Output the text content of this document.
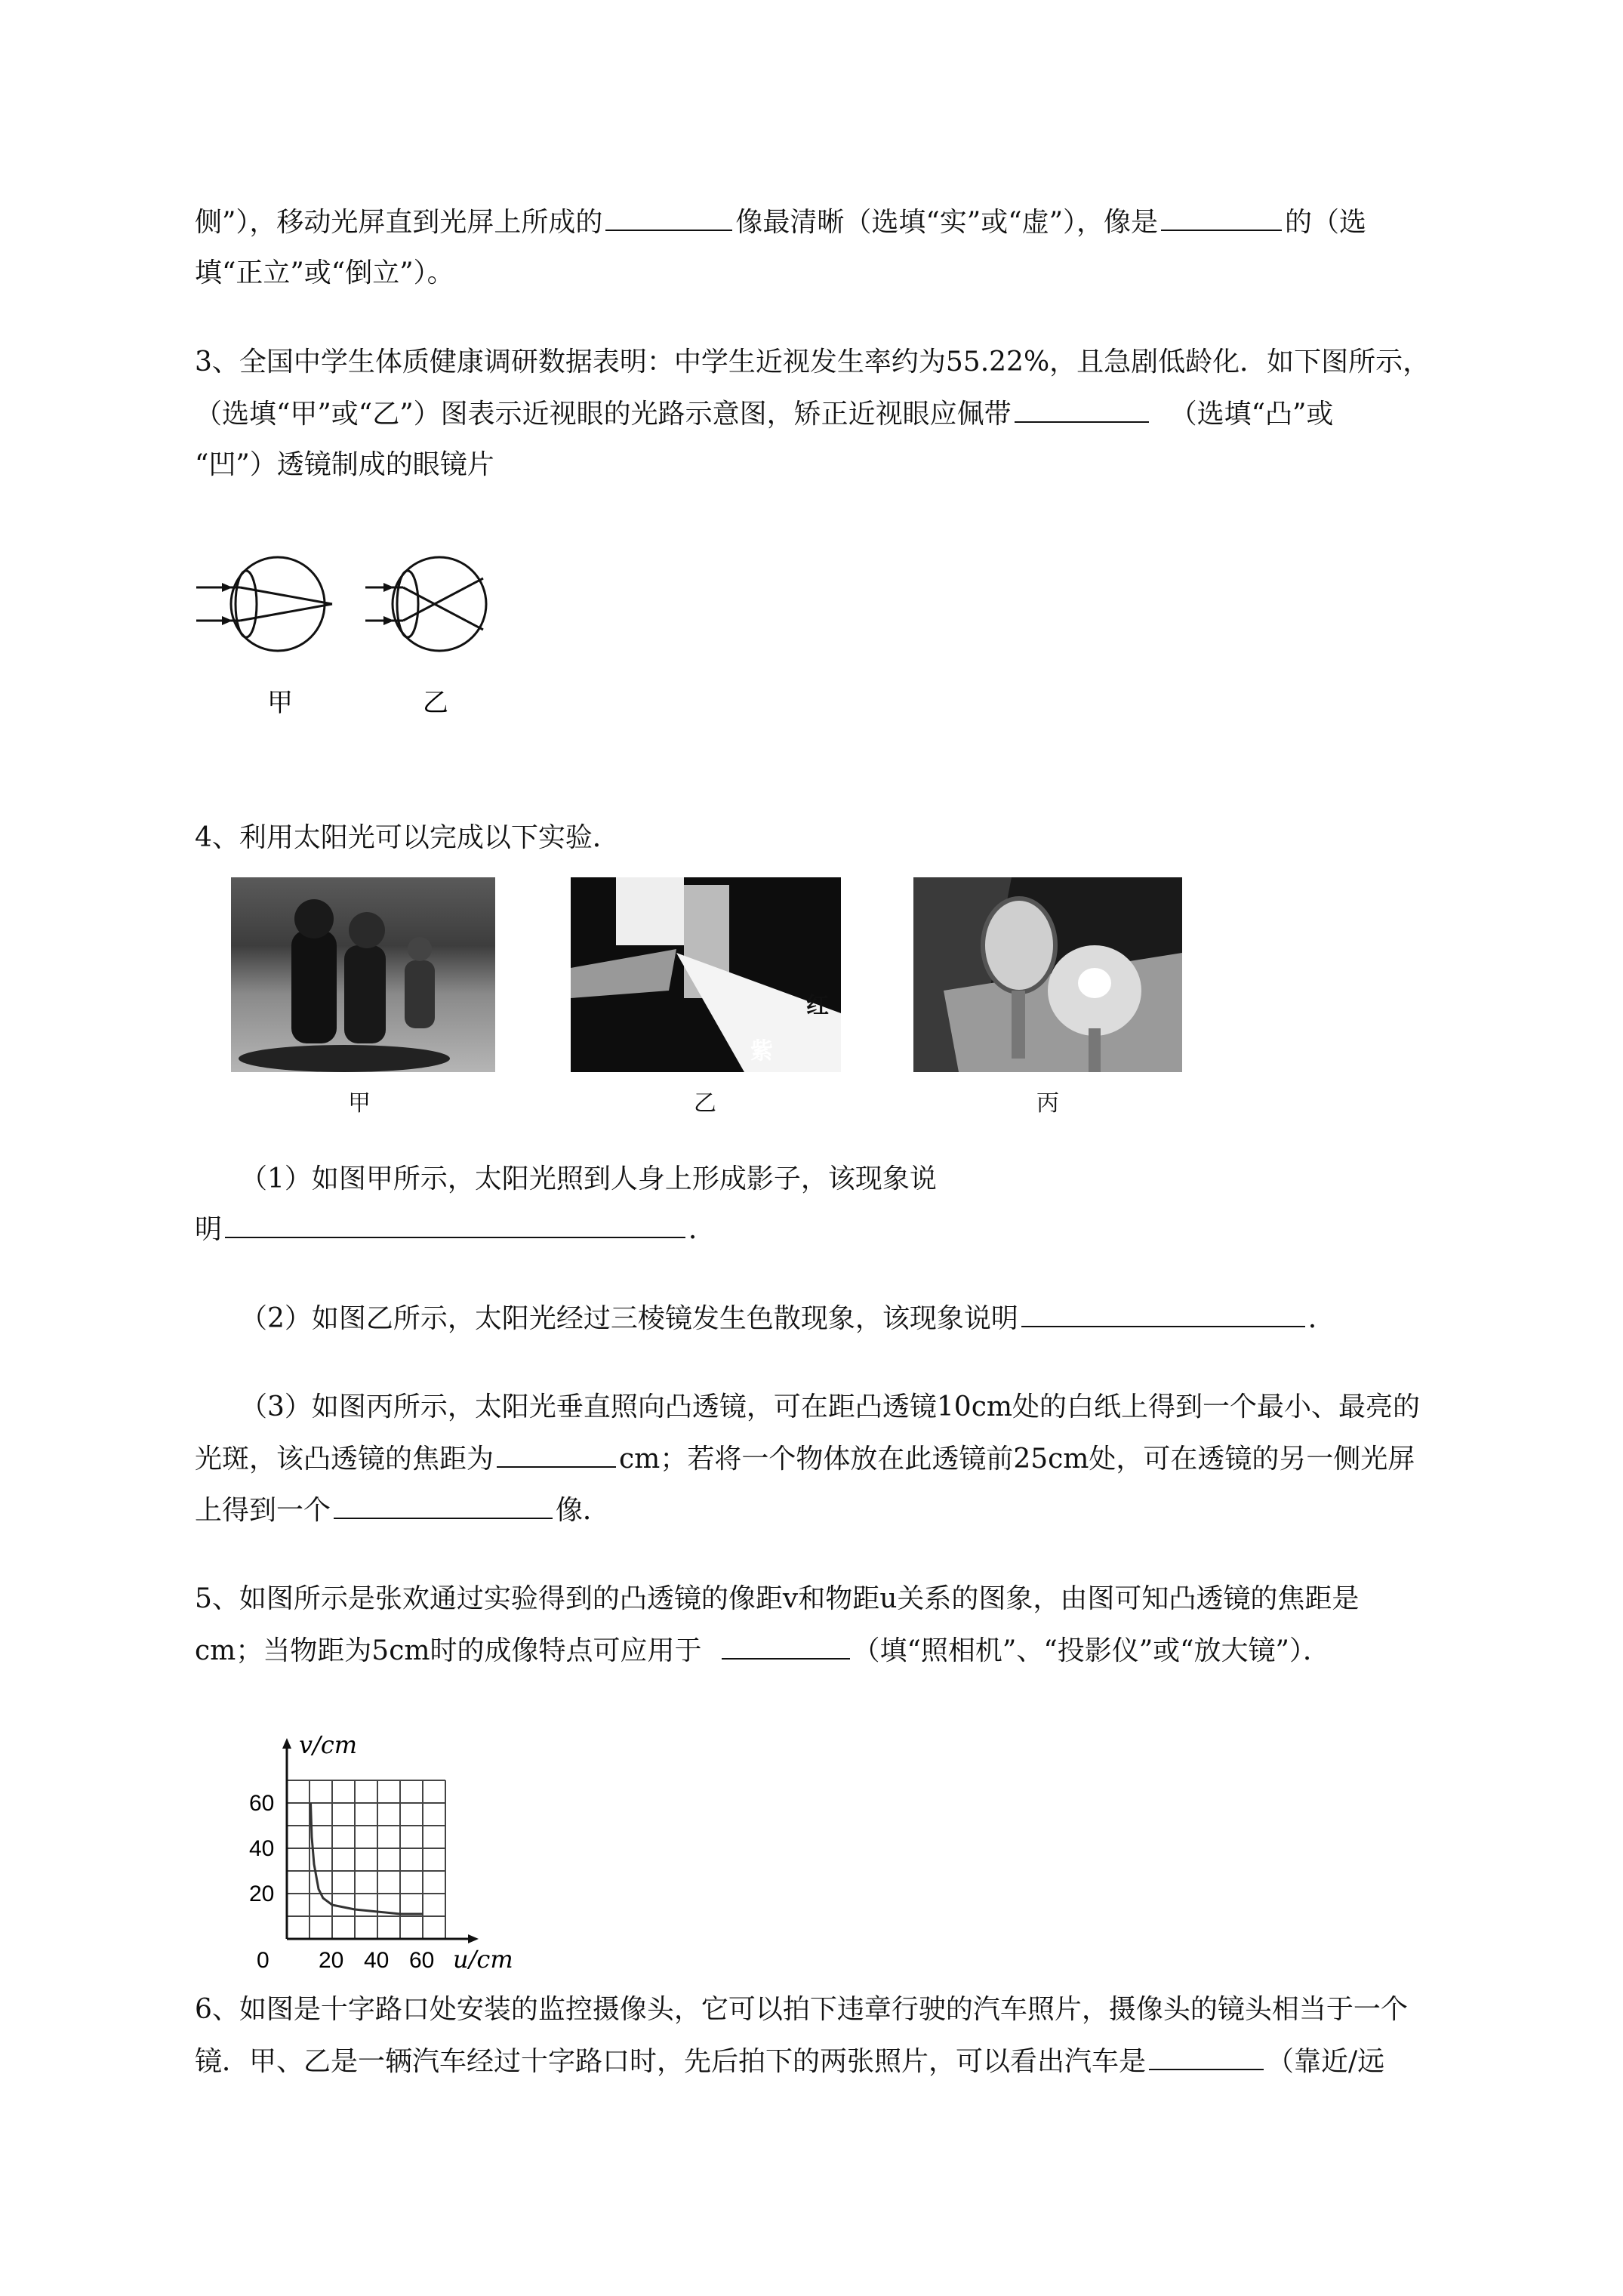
侧”），移动光屏直到光屏上所成的	像最清晰（选填“实”或“虚”），像是	的（选
填“正立”或“倒立”）。
3、全国中学生体质健康调研数据表明：中学生近视发生率约为55.22%，且急剧低龄化．如下图所示，
（选填“甲”或“乙”）图表示近视眼的光路示意图，矫正近视眼应佩带	（选填“凸”或
“凹”）透镜制成的眼镜片
甲	乙
4、利用太阳光可以完成以下实验．
红
紫
甲	乙	丙
（1）如图甲所示，太阳光照到人身上形成影子，该现象说
明	．
（2）如图乙所示，太阳光经过三棱镜发生色散现象，该现象说明	．
（3）如图丙所示，太阳光垂直照向凸透镜，可在距凸透镜10cm处的白纸上得到一个最小、最亮的
光斑，该凸透镜的焦距为	cm；若将一个物体放在此透镜前25cm处，可在透镜的另一侧光屏
上得到一个	像．
5、如图所示是张欢通过实验得到的凸透镜的像距v和物距u关系的图象，由图可知凸透镜的焦距是
cm；当物距为5cm时的成像特点可应用于	（填“照相机”、“投影仪”或“放大镜”）．
0 20 40 60
20
40
60
v/cm
u/cm
6、如图是十字路口处安装的监控摄像头，它可以拍下违章行驶的汽车照片，摄像头的镜头相当于一个
镜．甲、乙是一辆汽车经过十字路口时，先后拍下的两张照片，可以看出汽车是	（靠近/远
